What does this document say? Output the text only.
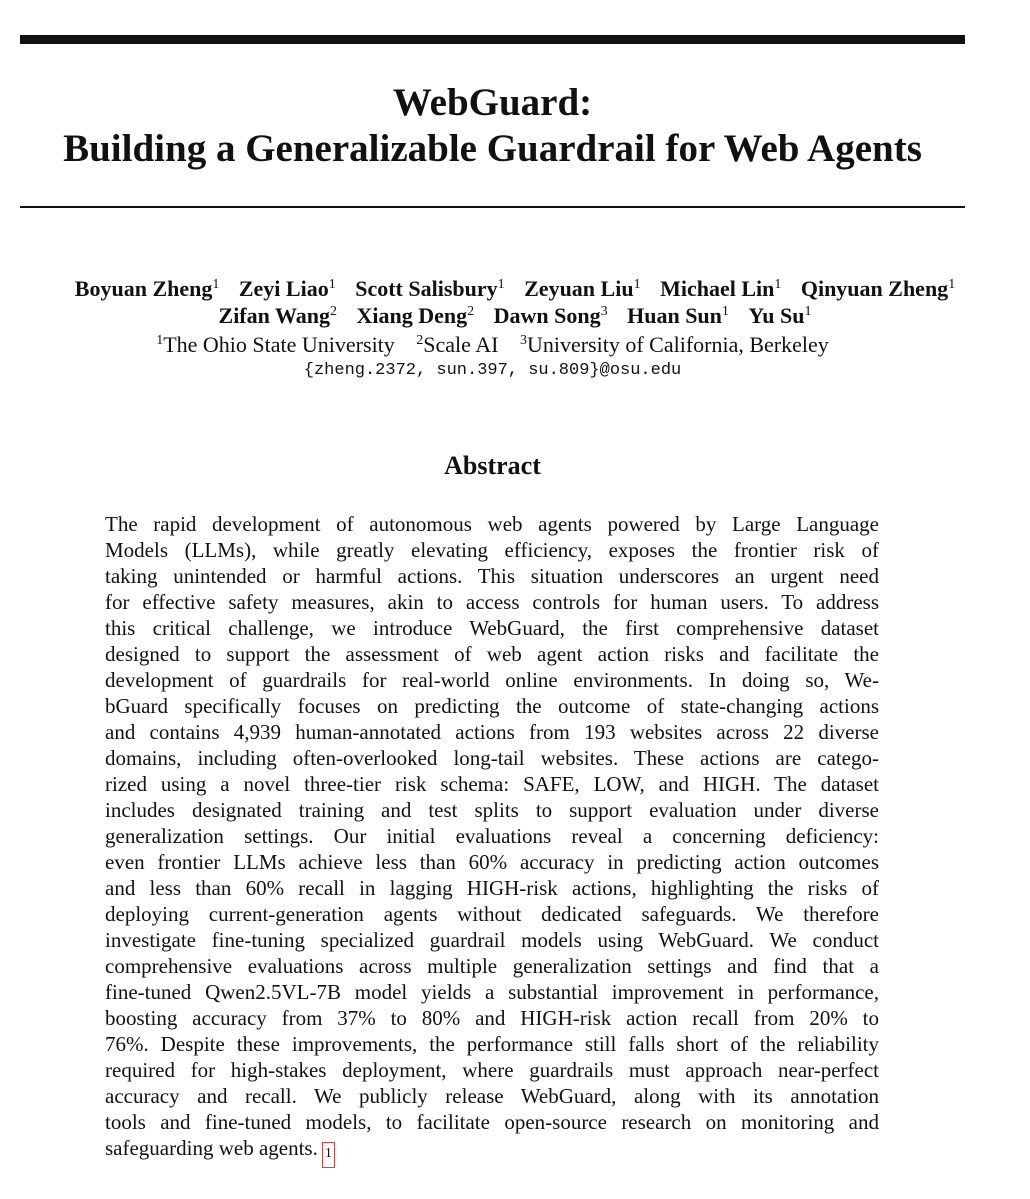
WebGuard:
Building a Generalizable Guardrail for Web Agents
Boyuan Zheng$^1$ Zeyi Liao$^1$ Scott Salisbury$^1$ Zeyuan Liu$^1$ Michael Lin$^1$ Qinyuan Zheng$^1$
Zifan Wang$^2$ Xiang Deng$^2$ Dawn Song$^3$ Huan Sun$^1$ Yu Su$^1$
$^1$The Ohio State University $^2$Scale AI $^3$University of California, Berkeley
{zheng.2372, sun.397, su.809}@osu.edu
Abstract
The rapid development of autonomous web agents powered by Large Language
Models (LLMs), while greatly elevating efficiency, exposes the frontier risk of
taking unintended or harmful actions. This situation underscores an urgent need
for effective safety measures, akin to access controls for human users. To address
this critical challenge, we introduce WebGuard, the first comprehensive dataset
designed to support the assessment of web agent action risks and facilitate the
development of guardrails for real-world online environments. In doing so, We-
bGuard specifically focuses on predicting the outcome of state-changing actions
and contains 4,939 human-annotated actions from 193 websites across 22 diverse
domains, including often-overlooked long-tail websites. These actions are catego-
rized using a novel three-tier risk schema: SAFE, LOW, and HIGH. The dataset
includes designated training and test splits to support evaluation under diverse
generalization settings. Our initial evaluations reveal a concerning deficiency:
even frontier LLMs achieve less than 60% accuracy in predicting action outcomes
and less than 60% recall in lagging HIGH-risk actions, highlighting the risks of
deploying current-generation agents without dedicated safeguards. We therefore
investigate fine-tuning specialized guardrail models using WebGuard. We conduct
comprehensive evaluations across multiple generalization settings and find that a
fine-tuned Qwen2.5VL-7B model yields a substantial improvement in performance,
boosting accuracy from 37% to 80% and HIGH-risk action recall from 20% to
76%. Despite these improvements, the performance still falls short of the reliability
required for high-stakes deployment, where guardrails must approach near-perfect
accuracy and recall. We publicly release WebGuard, along with its annotation
tools and fine-tuned models, to facilitate open-source research on monitoring and
safeguarding web agents. 1
